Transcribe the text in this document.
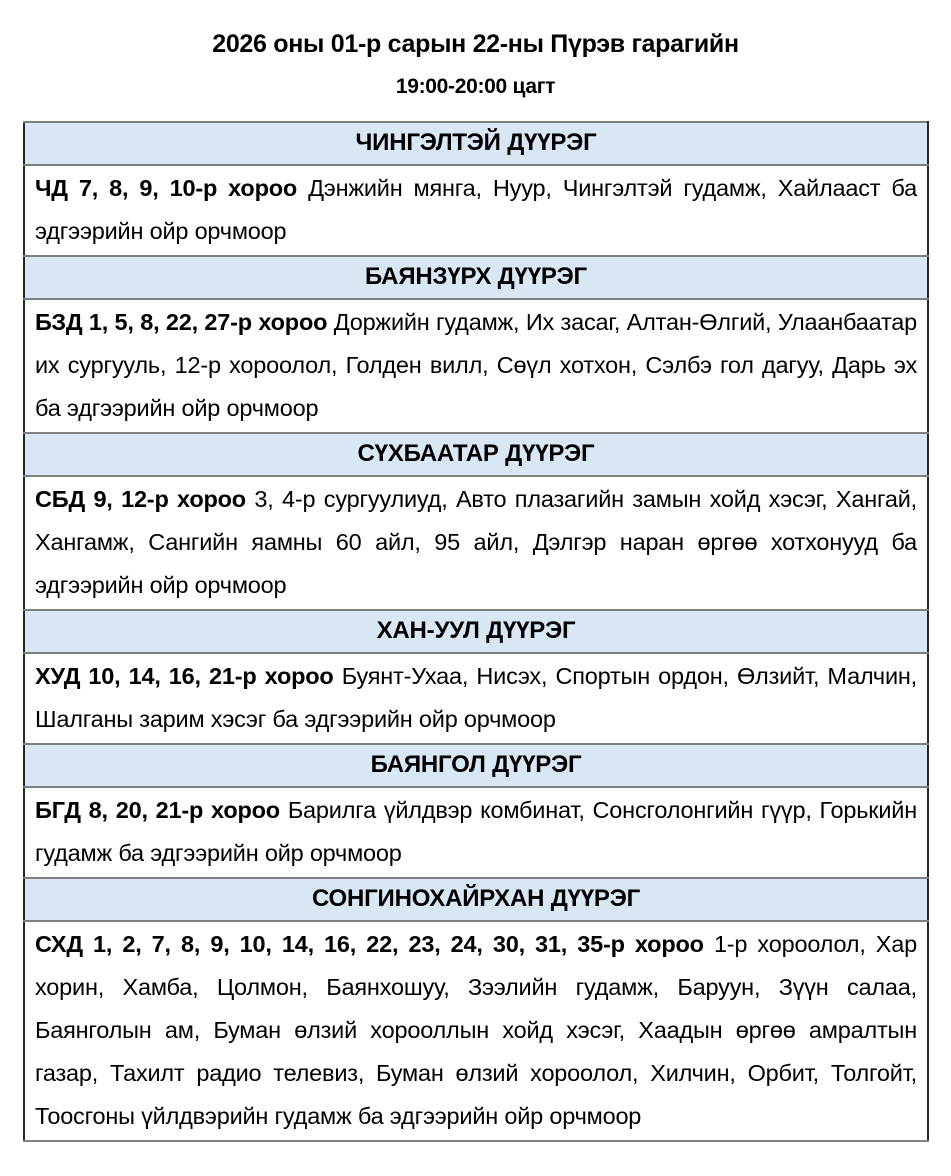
2026 оны 01-р сарын 22-ны Пүрэв гарагийн
19:00-20:00 цагт
ЧИНГЭЛТЭЙ ДҮҮРЭГ
ЧД 7, 8, 9, 10-р хороо Дэнжийн мянга, Нуур, Чингэлтэй гудамж, Хайлааст ба эдгээрийн ойр орчмоор
БАЯНЗҮРХ ДҮҮРЭГ
БЗД 1, 5, 8, 22, 27-р хороо Доржийн гудамж, Их засаг, Алтан-Өлгий, Улаанбаатар их сургууль, 12-р хороолол, Голден вилл, Сөүл хотхон, Сэлбэ гол дагуу, Дарь эх ба эдгээрийн ойр орчмоор
СҮХБААТАР ДҮҮРЭГ
СБД 9, 12-р хороо 3, 4-р сургуулиуд, Авто плазагийн замын хойд хэсэг, Хангай, Хангамж, Сангийн яамны 60 айл, 95 айл, Дэлгэр наран өргөө хотхонууд ба эдгээрийн ойр орчмоор
ХАН-УУЛ ДҮҮРЭГ
ХУД 10, 14, 16, 21-р хороо Буянт-Ухаа, Нисэх, Спортын ордон, Өлзийт, Малчин, Шалганы зарим хэсэг ба эдгээрийн ойр орчмоор
БАЯНГОЛ ДҮҮРЭГ
БГД 8, 20, 21-р хороо Барилга үйлдвэр комбинат, Сонсголонгийн гүүр, Горькийн гудамж ба эдгээрийн ойр орчмоор
СОНГИНОХАЙРХАН ДҮҮРЭГ
СХД 1, 2, 7, 8, 9, 10, 14, 16, 22, 23, 24, 30, 31, 35-р хороо 1-р хороолол, Хар хорин, Хамба, Цолмон, Баянхошуу, Зээлийн гудамж, Баруун, Зүүн салаа, Баянголын ам, Буман өлзий хорооллын хойд хэсэг, Хаадын өргөө амралтын газар, Тахилт радио телевиз, Буман өлзий хороолол, Хилчин, Орбит, Толгойт, Тоосгоны үйлдвэрийн гудамж ба эдгээрийн ойр орчмоор
